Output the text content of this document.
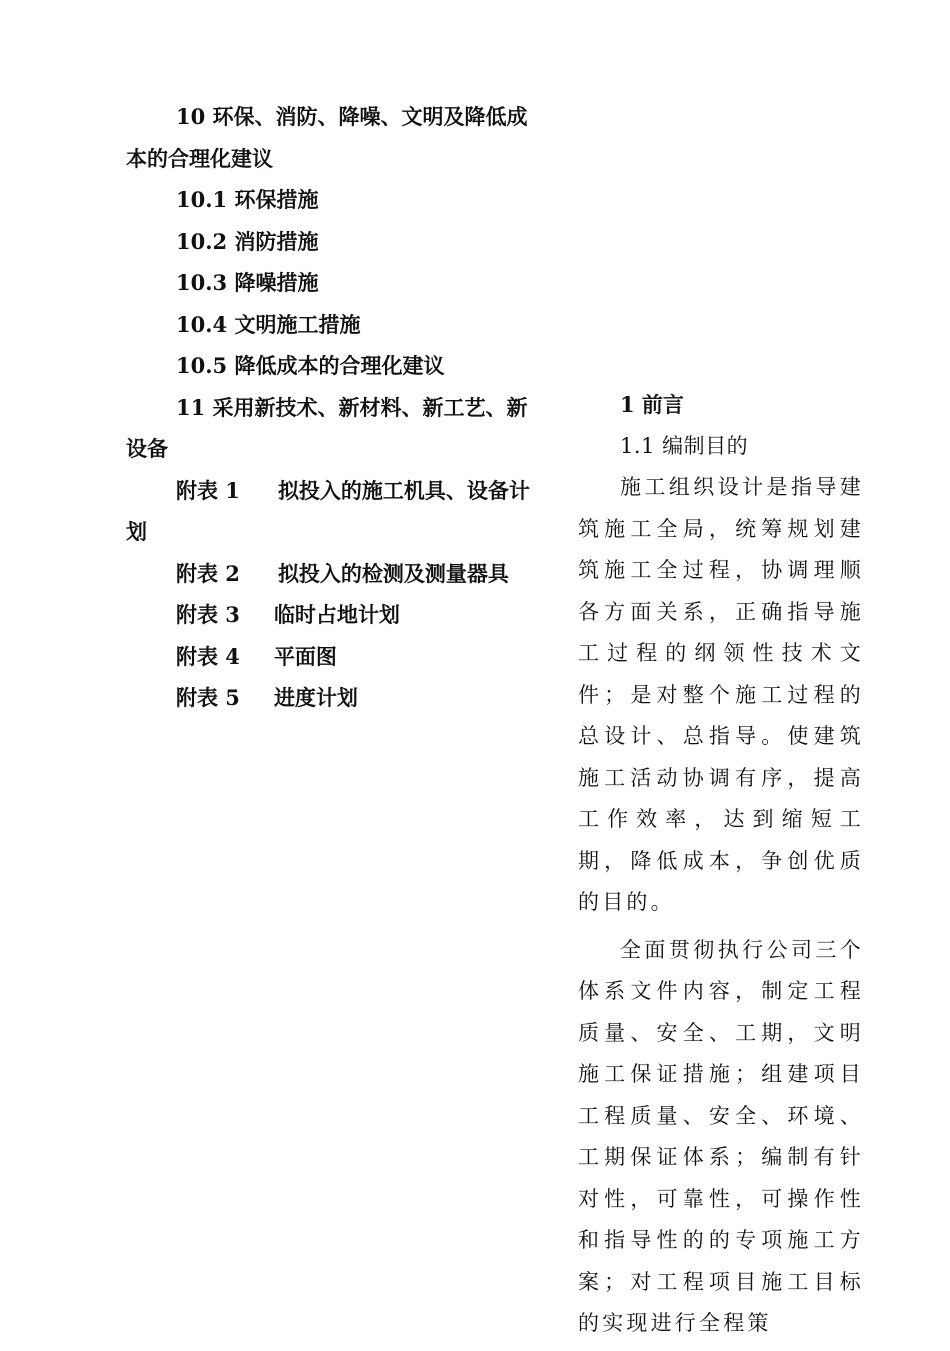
10 环保、消防、降噪、文明及降低成本的合理化建议

10.1 环保措施

10.2 消防措施

10.3 降噪措施

10.4 文明施工措施

10.5 降低成本的合理化建议

11 采用新技术、新材料、新工艺、新设备

附表 1 拟投入的施工机具、设备计划

附表 2 拟投入的检测及测量器具

附表 3 临时占地计划

附表 4 平面图

附表 5 进度计划

1 前言

1.1 编制目的

施工组织设计是指导建筑施工全局，统筹规划建筑施工全过程，协调理顺各方面关系，正确指导施工过程的纲领性技术文件；是对整个施工过程的总设计、总指导。使建筑施工活动协调有序，提高工作效率，达到缩短工期，降低成本，争创优质的目的。

全面贯彻执行公司三个体系文件内容，制定工程质量、安全、工期，文明施工保证措施；组建项目工程质量、安全、环境、工期保证体系；编制有针对性，可靠性，可操作性和指导性的的专项施工方案；对工程项目施工目标的实现进行全程策
